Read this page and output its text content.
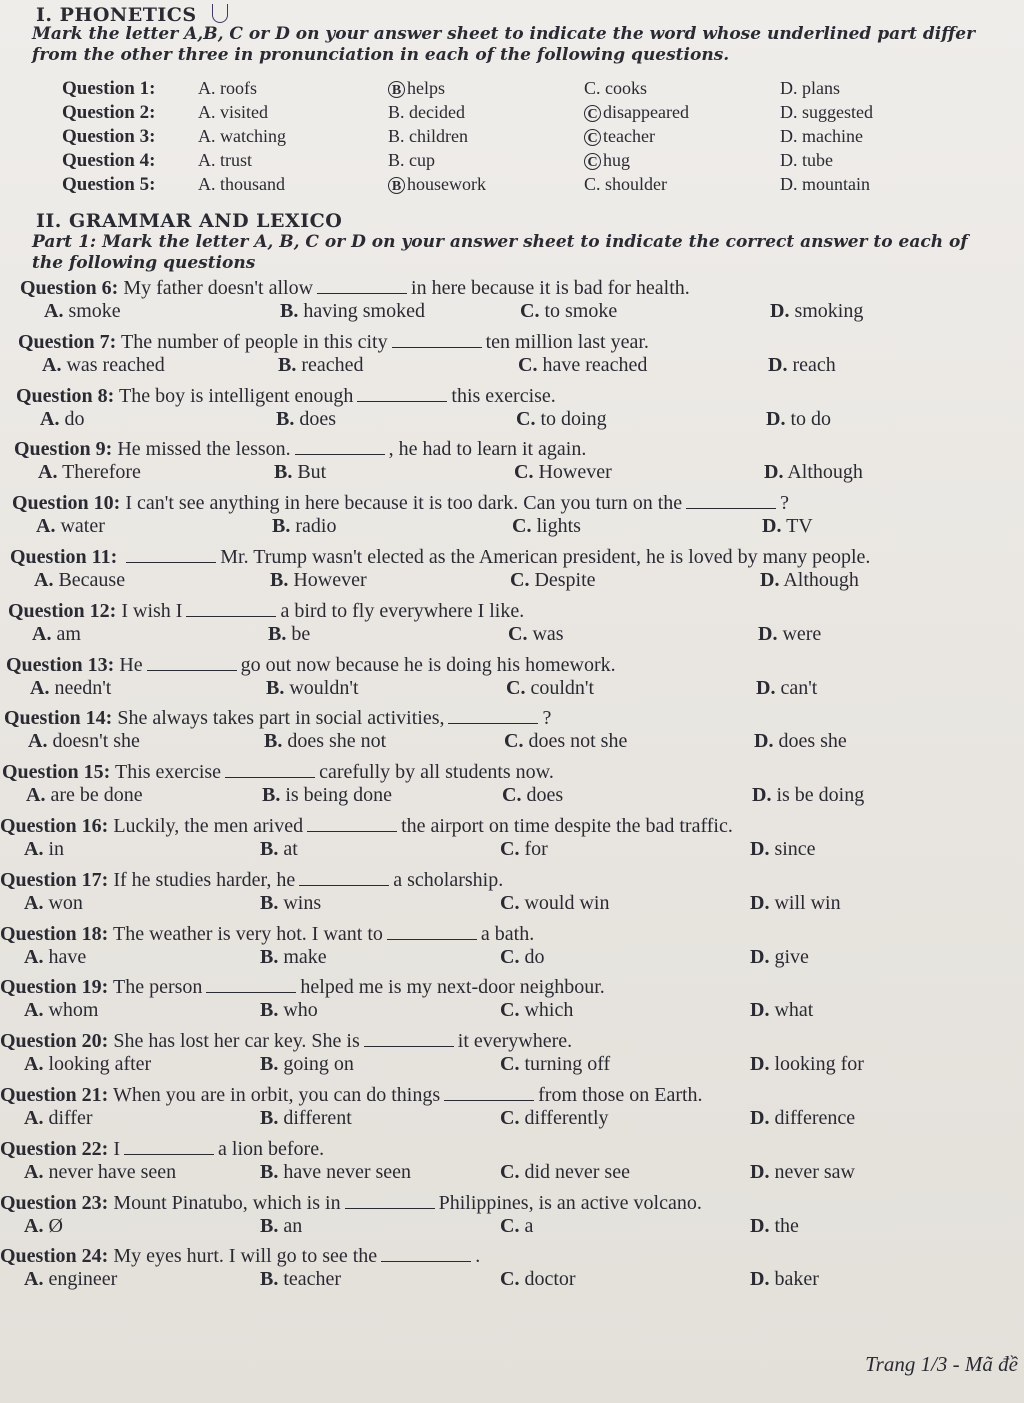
I. PHONETICS
Mark the letter A,B, C or D on your answer sheet to indicate the word whose underlined part differ from the other three in pronunciation in each of the following questions.
Question 1: A. roofs	B helps	C. cooks	D. plans
Question 2: A. visited	B. decided	C disappeared	D. suggested
Question 3: A. watching	B. children	C teacher	D. machine
Question 4: A. trust	B. cup	C hug	D. tube
Question 5: A. thousand	B housework	C. shoulder	D. mountain
II. GRAMMAR AND LEXICO
Part 1: Mark the letter A, B, C or D on your answer sheet to indicate the correct answer to each of the following questions
Question 6: My father doesn't allow	in here because it is bad for health.
A. smoke	B. having smoked	C. to smoke	D. smoking
Question 7: The number of people in this city	ten million last year.
A. was reached	B. reached	C. have reached	D. reach
Question 8: The boy is intelligent enough	this exercise.
A. do	B. does	C. to doing	D. to do
Question 9: He missed the lesson.	, he had to learn it again.
A. Therefore	B. But	C. However	D. Although
Question 10: I can't see anything in here because it is too dark. Can you turn on the	?
A. water	B. radio	C. lights	D. TV
Question 11:	Mr. Trump wasn't elected as the American president, he is loved by many people.
A. Because	B. However	C. Despite	D. Although
Question 12: I wish I	a bird to fly everywhere I like.
A. am	B. be	C. was	D. were
Question 13: He	go out now because he is doing his homework.
A. needn't	B. wouldn't	C. couldn't	D. can't
Question 14: She always takes part in social activities,	?
A. doesn't she	B. does she not	C. does not she	D. does she
Question 15: This exercise	carefully by all students now.
A. are be done	B. is being done	C. does	D. is be doing
Question 16: Luckily, the men arived	the airport on time despite the bad traffic.
A. in	B. at	C. for	D. since
Question 17: If he studies harder, he	a scholarship.
A. won	B. wins	C. would win	D. will win
Question 18: The weather is very hot. I want to	a bath.
A. have	B. make	C. do	D. give
Question 19: The person	helped me is my next-door neighbour.
A. whom	B. who	C. which	D. what
Question 20: She has lost her car key. She is	it everywhere.
A. looking after	B. going on	C. turning off	D. looking for
Question 21: When you are in orbit, you can do things	from those on Earth.
A. differ	B. different	C. differently	D. difference
Question 22: I	a lion before.
A. never have seen	B. have never seen	C. did never see	D. never saw
Question 23: Mount Pinatubo, which is in	Philippines, is an active volcano.
A. Ø	B. an	C. a	D. the
Question 24: My eyes hurt. I will go to see the	.
A. engineer	B. teacher	C. doctor	D. baker
Trang 1/3 - Mã đề
